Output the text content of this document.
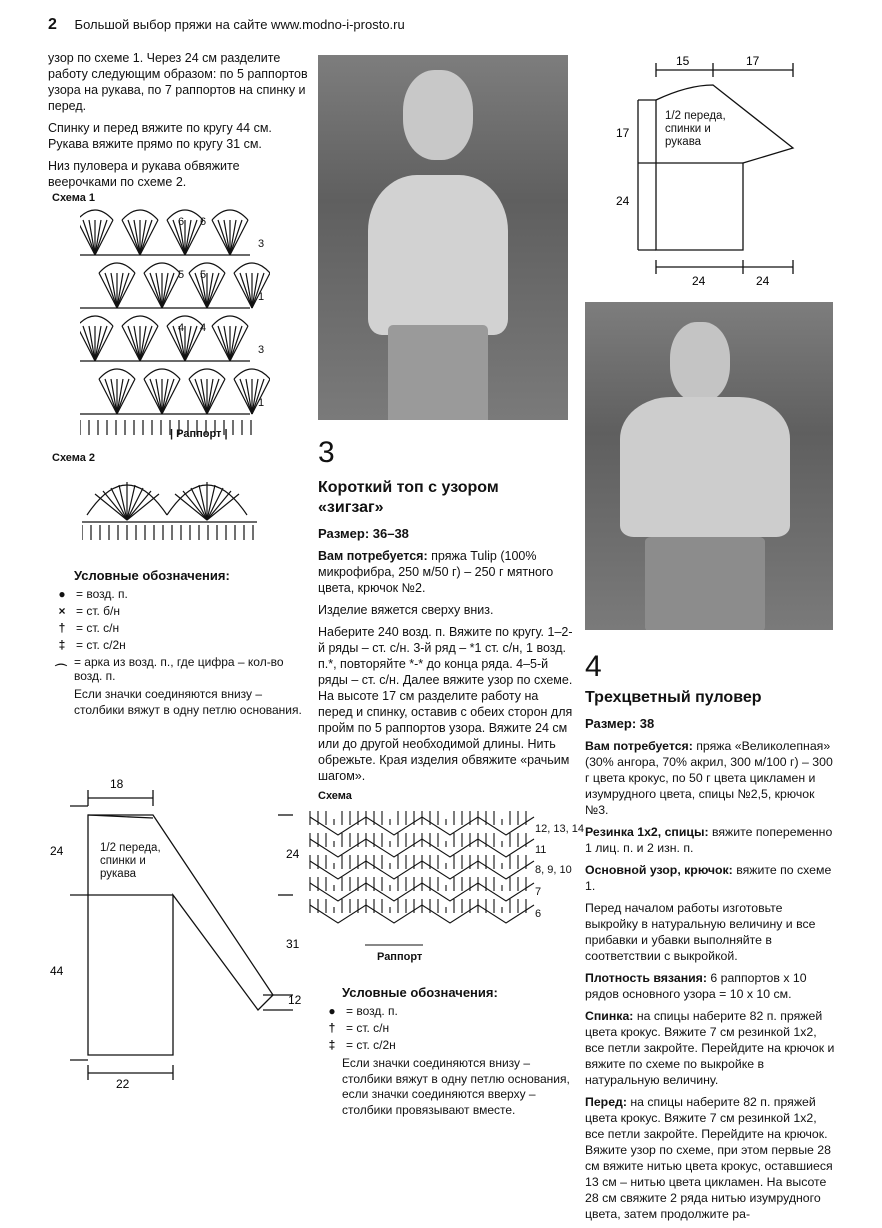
2 Большой выбор пряжи на сайте www.modno-i-prosto.ru

узор по схеме 1. Через 24 см разделите работу следующим образом: по 5 раппортов узора на рукава, по 7 раппортов на спинку и перед.

Спинку и перед вяжите по кругу 44 см. Рукава вяжите прямо по кругу 31 см.

Низ пуловера и рукава обвяжите веерочками по схеме 2.

Схема 1
3
1
3
1
6 6
5 5
4 4
| Раппорт |
Схема 2
Условные обозначения:
● = возд. п.
× = ст. б/н
† = ст. с/н
‡ = ст. с/2н
⌒
= арка из возд. п., где цифра – кол-во возд. п.
Если значки соединяются внизу – столбики вяжут в одну петлю основания.
18
24
44
24
31
12
22
1/2 переда, спинки и рукава
3
Короткий топ с узором «зигзаг»
Размер: 36–38

Вам потребуется: пряжа Tulip (100% микрофибра, 250 м/50 г) – 250 г мятного цвета, крючок №2.

Изделие вяжется сверху вниз.

Наберите 240 возд. п. Вяжите по кругу. 1–2-й ряды – ст. с/н. 3-й ряд – *1 ст. с/н, 1 возд. п.*, повторяйте *-* до конца ряда. 4–5-й ряды – ст. с/н. Далее вяжите узор по схеме. На высоте 17 см разделите работу на перед и спинку, оставив с обеих сторон для пройм по 5 раппортов узора. Вяжите 24 см или до другой необходимой длины. Нить обрежьте. Края изделия обвяжите «рачьим шагом».

Схема
12, 13, 14
11
8, 9, 10
7
6
Раппорт
Условные обозначения:
● = возд. п.
† = ст. с/н
‡ = ст. с/2н
Если значки соединяются внизу – столбики вяжут в одну петлю основания, если значки соединяются вверху – столбики провязывают вместе.
15	17
17
24
24	24
1/2 переда, спинки и рукава
4
Трехцветный пуловер
Размер: 38

Вам потребуется: пряжа «Великолепная» (30% ангора, 70% акрил, 300 м/100 г) – 300 г цвета крокус, по 50 г цвета цикламен и изумрудного цвета, спицы №2,5, крючок №3.

Резинка 1х2, спицы: вяжите попеременно 1 лиц. п. и 2 изн. п.

Основной узор, крючок: вяжите по схеме 1.

Перед началом работы изготовьте выкройку в натуральную величину и все прибавки и убавки выполняйте в соответствии с выкройкой.

Плотность вязания: 6 раппортов х 10 рядов основного узора = 10 х 10 см.

Спинка: на спицы наберите 82 п. пряжей цвета крокус. Вяжите 7 см резинкой 1х2, все петли закройте. Перейдите на крючок и вяжите по схеме по выкройке в натуральную величину.

Перед: на спицы наберите 82 п. пряжей цвета крокус. Вяжите 7 см резинкой 1х2, все петли закройте. Перейдите на крючок. Вяжите узор по схеме, при этом первые 28 см вяжите нитью цвета крокус, оставшиеся 13 см – нитью цвета цикламен. На высоте 28 см свяжите 2 ряда нитью изумрудного цвета, затем продолжите ра-
